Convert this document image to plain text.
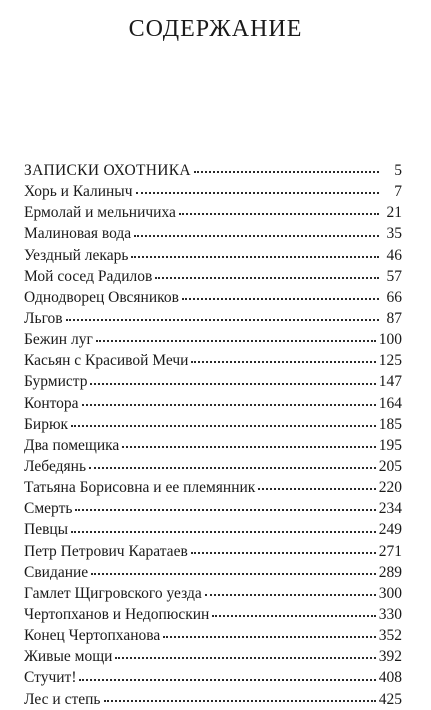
СОДЕРЖАНИЕ
ЗАПИСКИ ОХОТНИКА	5
Хорь и Калиныч	7
Ермолай и мельничиха	21
Малиновая вода	35
Уездный лекарь	46
Мой сосед Радилов	57
Однодворец Овсяников	66
Льгов	87
Бежин луг	100
Касьян с Красивой Мечи	125
Бурмистр	147
Контора	164
Бирюк	185
Два помещика	195
Лебедянь	205
Татьяна Борисовна и ее племянник	220
Смерть	234
Певцы	249
Петр Петрович Каратаев	271
Свидание	289
Гамлет Щигровского уезда	300
Чертопханов и Недопюскин	330
Конец Чертопханова	352
Живые мощи	392
Стучит!	408
Лес и степь	425
